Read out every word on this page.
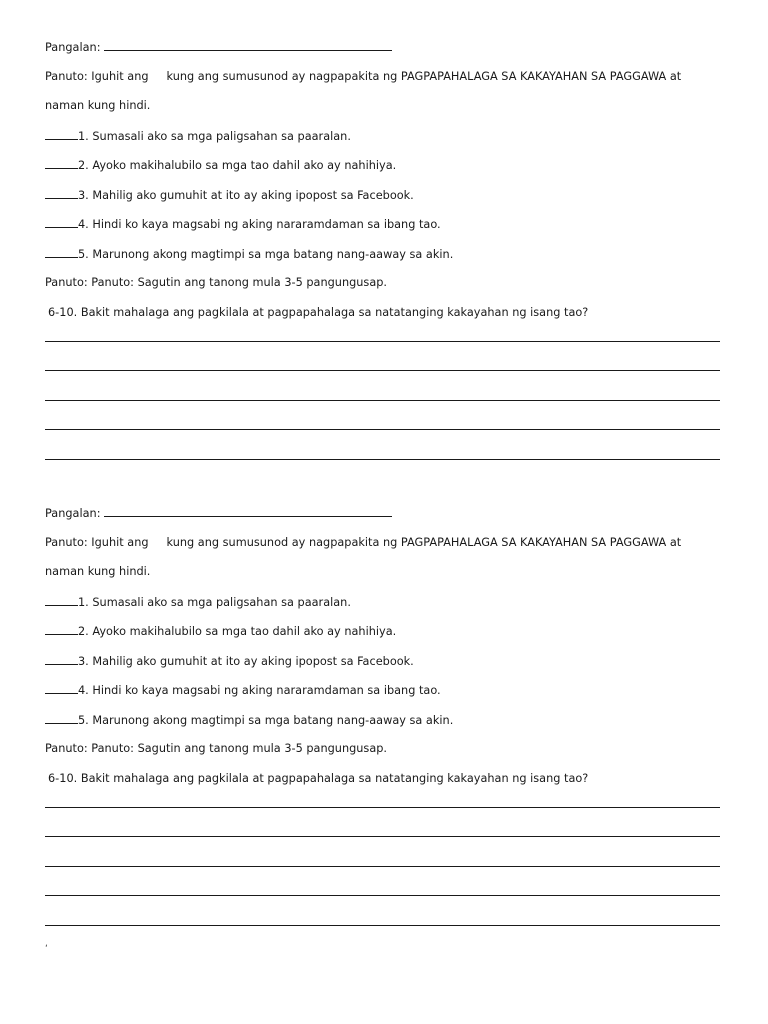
Pangalan:
Panuto: Iguhit ang kung ang sumusunod ay nagpapakita ng PAGPAPAHALAGA SA KAKAYAHAN SA PAGGAWA at
naman kung hindi.
1. Sumasali ako sa mga paligsahan sa paaralan.
2. Ayoko makihalubilo sa mga tao dahil ako ay nahihiya.
3. Mahilig ako gumuhit at ito ay aking ipopost sa Facebook.
4. Hindi ko kaya magsabi ng aking nararamdaman sa ibang tao.
5. Marunong akong magtimpi sa mga batang nang-aaway sa akin.
Panuto: Panuto: Sagutin ang tanong mula 3-5 pangungusap.
6-10. Bakit mahalaga ang pagkilala at pagpapahalaga sa natatanging kakayahan ng isang tao?
Pangalan:
Panuto: Iguhit ang kung ang sumusunod ay nagpapakita ng PAGPAPAHALAGA SA KAKAYAHAN SA PAGGAWA at
naman kung hindi.
1. Sumasali ako sa mga paligsahan sa paaralan.
2. Ayoko makihalubilo sa mga tao dahil ako ay nahihiya.
3. Mahilig ako gumuhit at ito ay aking ipopost sa Facebook.
4. Hindi ko kaya magsabi ng aking nararamdaman sa ibang tao.
5. Marunong akong magtimpi sa mga batang nang-aaway sa akin.
Panuto: Panuto: Sagutin ang tanong mula 3-5 pangungusap.
6-10. Bakit mahalaga ang pagkilala at pagpapahalaga sa natatanging kakayahan ng isang tao?
‘
